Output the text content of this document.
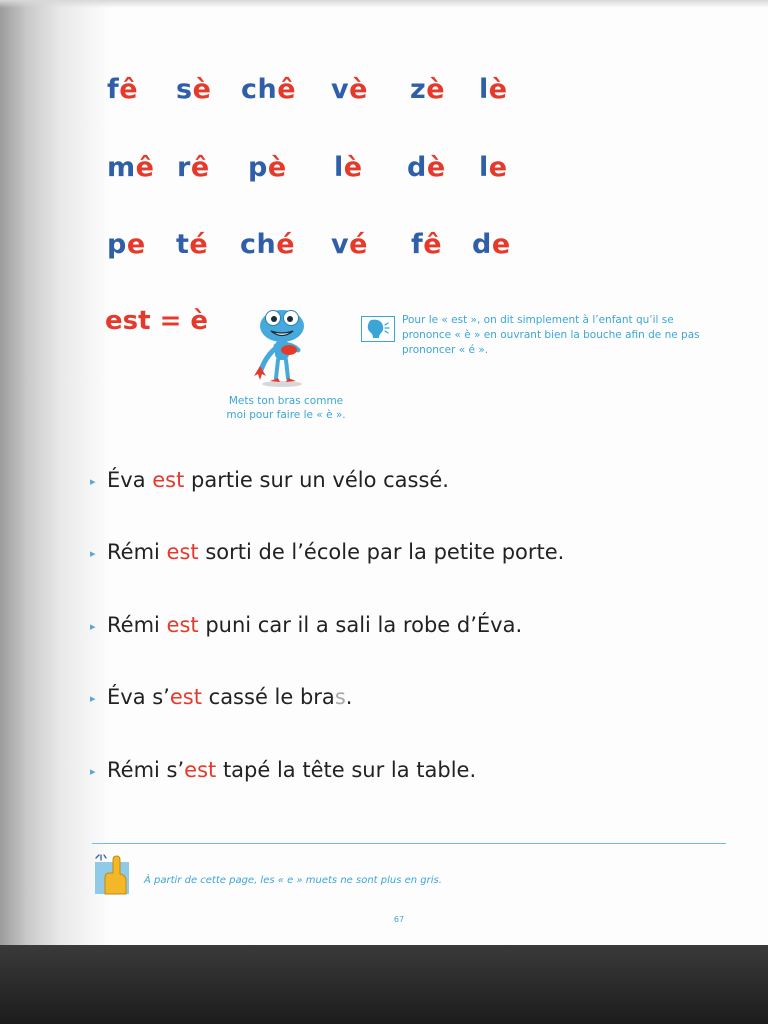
fê sè chê vè zè lè
mê rê pè lè dè le
pe té ché vé fê de
est = è
Mets ton bras comme moi pour faire le « è ».
Pour le « est », on dit simplement à l’enfant qu’il se prononce « è » en ouvrant bien la bouche afin de ne pas prononcer « é ».
▸ Éva est partie sur un vélo cassé.
▸ Rémi est sorti de l’école par la petite porte.
▸ Rémi est puni car il a sali la robe d’Éva.
▸ Éva s’est cassé le bras.
▸ Rémi s’est tapé la tête sur la table.
À partir de cette page, les « e » muets ne sont plus en gris.
67
